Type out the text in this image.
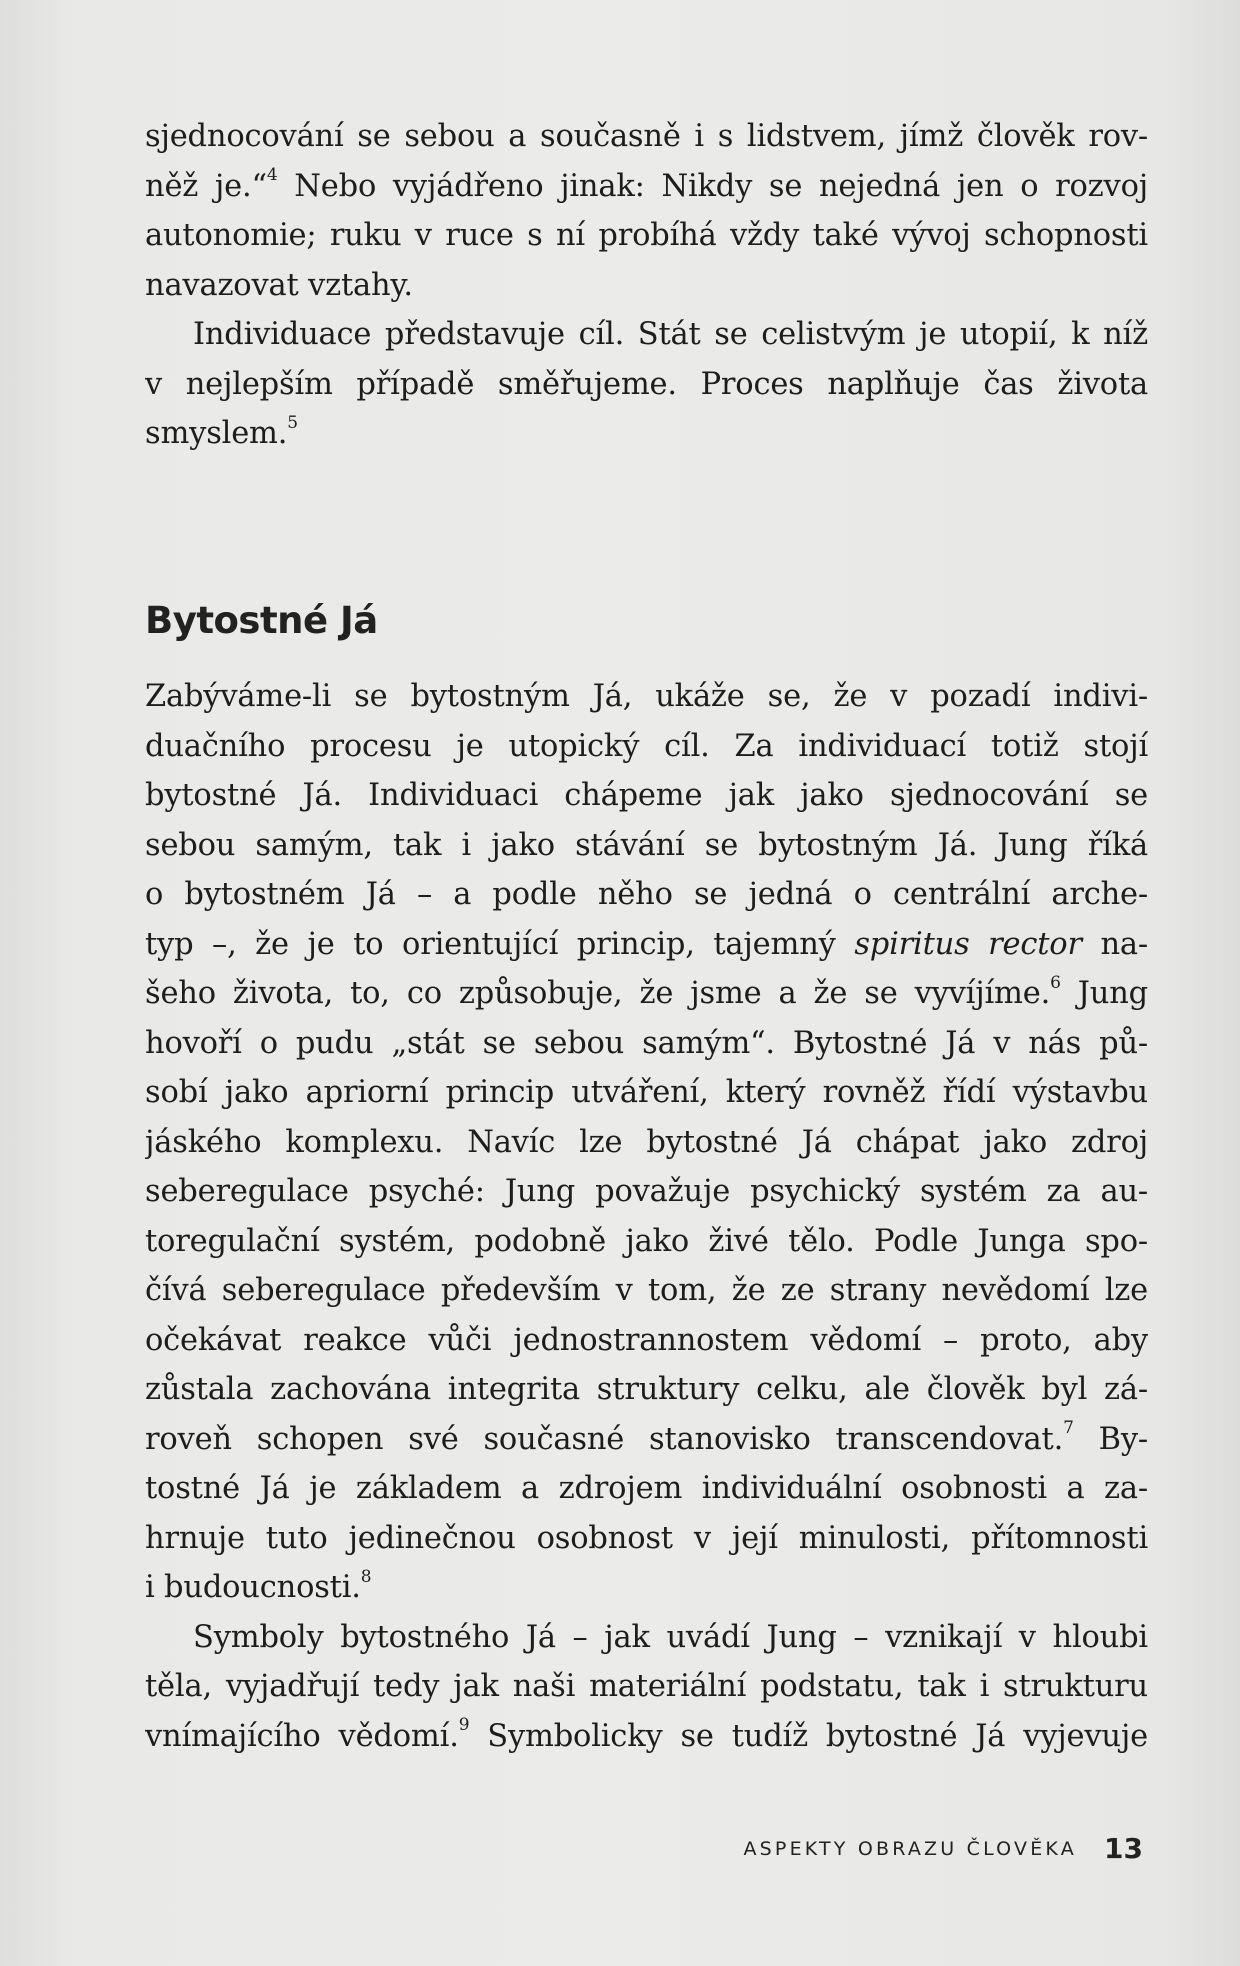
sjednocování se sebou a současně i s lidstvem, jímž člověk rov-
něž je.“$^4$ Nebo vyjádřeno jinak: Nikdy se nejedná jen o rozvoj
autonomie; ruku v ruce s ní probíhá vždy také vývoj schopnosti
navazovat vztahy.
Individuace představuje cíl. Stát se celistvým je utopií, k níž
v nejlepším případě směřujeme. Proces naplňuje čas života
smyslem.$^5$
Bytostné Já
Zabýváme-li se bytostným Já, ukáže se, že v pozadí indivi-
duačního procesu je utopický cíl. Za individuací totiž stojí
bytostné Já. Individuaci chápeme jak jako sjednocování se
sebou samým, tak i jako stávání se bytostným Já. Jung říká
o bytostném Já – a podle něho se jedná o centrální arche-
typ –, že je to orientující princip, tajemný spiritus rector na-
šeho života, to, co způsobuje, že jsme a že se vyvíjíme.$^6$ Jung
hovoří o pudu „stát se sebou samým“. Bytostné Já v nás pů-
sobí jako apriorní princip utváření, který rovněž řídí výstavbu
jáského komplexu. Navíc lze bytostné Já chápat jako zdroj
seberegulace psyché: Jung považuje psychický systém za au-
toregulační systém, podobně jako živé tělo. Podle Junga spo-
čívá seberegulace především v tom, že ze strany nevědomí lze
očekávat reakce vůči jednostrannostem vědomí – proto, aby
zůstala zachována integrita struktury celku, ale člověk byl zá-
roveň schopen své současné stanovisko transcendovat.$^7$ By-
tostné Já je základem a zdrojem individuální osobnosti a za-
hrnuje tuto jedinečnou osobnost v její minulosti, přítomnosti
i budoucnosti.$^8$
Symboly bytostného Já – jak uvádí Jung – vznikají v hloubi
těla, vyjadřují tedy jak naši materiální podstatu, tak i strukturu
vnímajícího vědomí.$^9$ Symbolicky se tudíž bytostné Já vyjevuje
ASPEKTY OBRAZU ČLOVĚKA 13
